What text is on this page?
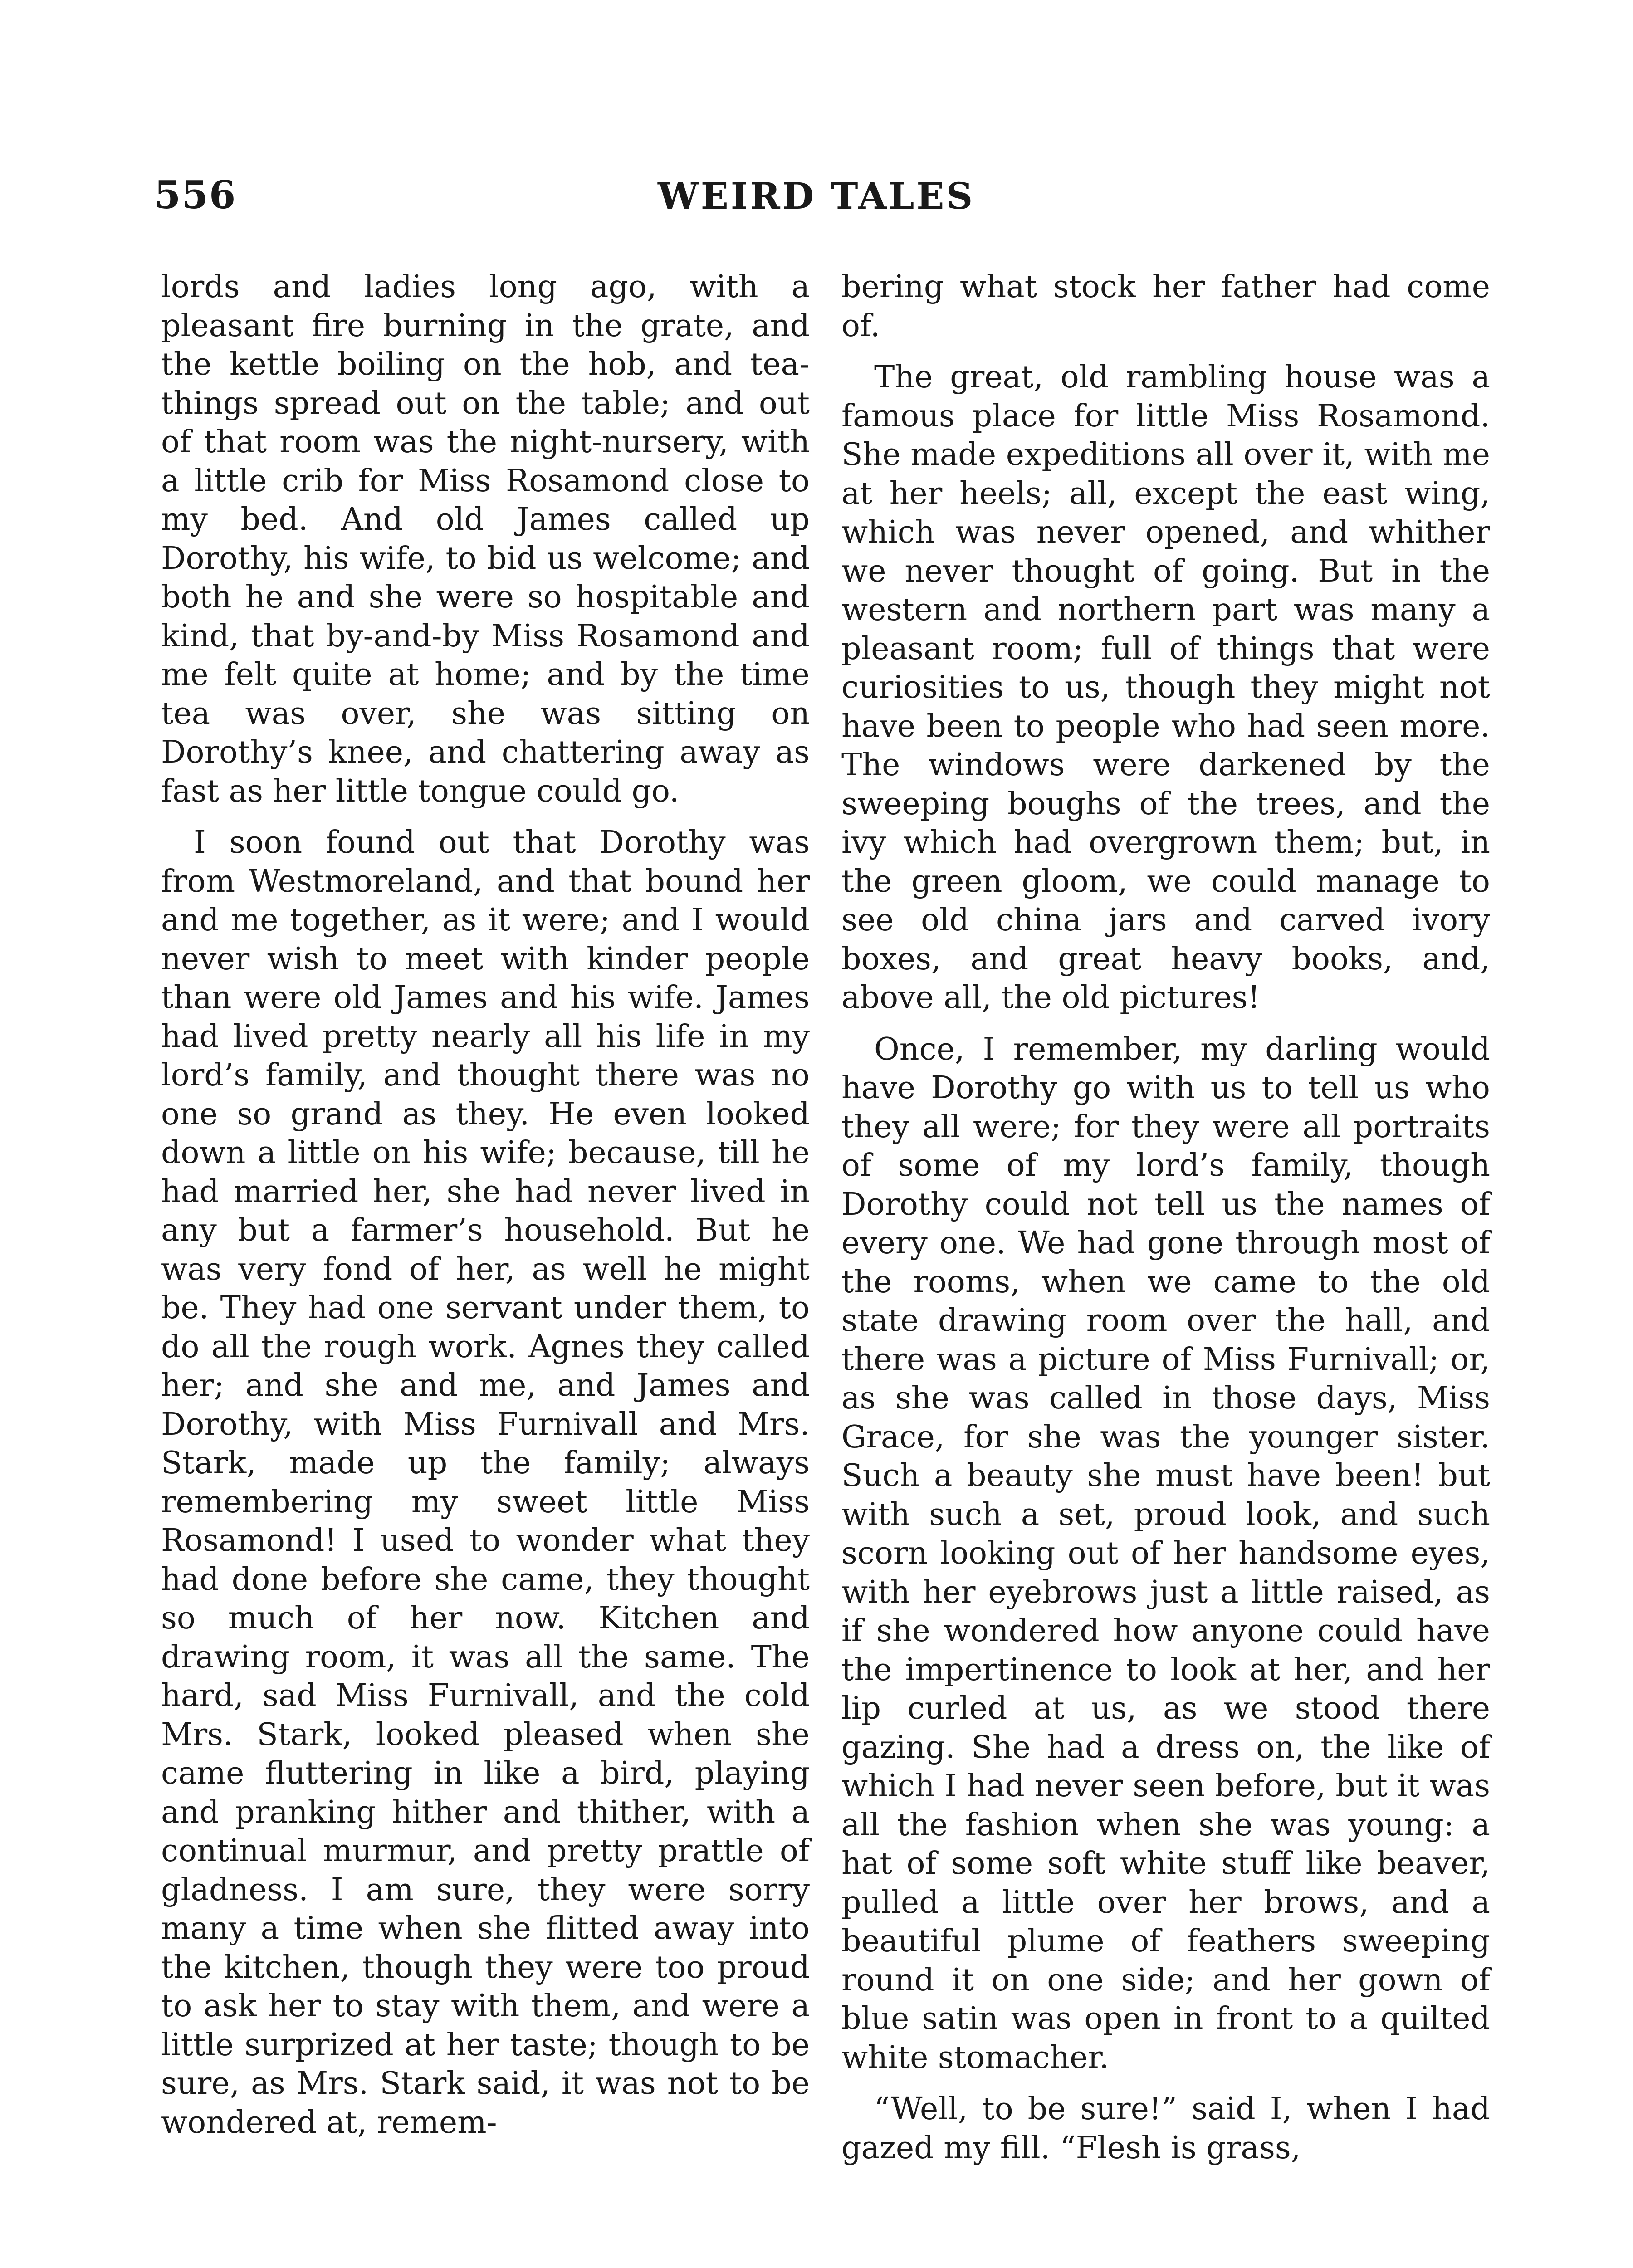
556	WEIRD TALES

lords and ladies long ago, with a pleasant fire burning in the grate, and the kettle boiling on the hob, and tea-things spread out on the table; and out of that room was the night-nursery, with a little crib for Miss Rosamond close to my bed. And old James called up Dorothy, his wife, to bid us welcome; and both he and she were so hospitable and kind, that by-and-by Miss Rosamond and me felt quite at home; and by the time tea was over, she was sitting on Dorothy’s knee, and chattering away as fast as her little tongue could go.

I soon found out that Dorothy was from Westmoreland, and that bound her and me together, as it were; and I would never wish to meet with kinder people than were old James and his wife. James had lived pretty nearly all his life in my lord’s family, and thought there was no one so grand as they. He even looked down a little on his wife; because, till he had married her, she had never lived in any but a farmer’s household. But he was very fond of her, as well he might be. They had one servant under them, to do all the rough work. Agnes they called her; and she and me, and James and Dorothy, with Miss Furnivall and Mrs. Stark, made up the family; always remembering my sweet little Miss Rosamond! I used to wonder what they had done before she came, they thought so much of her now. Kitchen and drawing room, it was all the same. The hard, sad Miss Furnivall, and the cold Mrs. Stark, looked pleased when she came fluttering in like a bird, playing and pranking hither and thither, with a continual murmur, and pretty prattle of gladness. I am sure, they were sorry many a time when she flitted away into the kitchen, though they were too proud to ask her to stay with them, and were a little surprized at her taste; though to be sure, as Mrs. Stark said, it was not to be wondered at, remem-

bering what stock her father had come of.

The great, old rambling house was a famous place for little Miss Rosamond. She made expeditions all over it, with me at her heels; all, except the east wing, which was never opened, and whither we never thought of going. But in the western and northern part was many a pleasant room; full of things that were curiosities to us, though they might not have been to people who had seen more. The windows were darkened by the sweeping boughs of the trees, and the ivy which had overgrown them; but, in the green gloom, we could manage to see old china jars and carved ivory boxes, and great heavy books, and, above all, the old pictures!

Once, I remember, my darling would have Dorothy go with us to tell us who they all were; for they were all portraits of some of my lord’s family, though Dorothy could not tell us the names of every one. We had gone through most of the rooms, when we came to the old state drawing room over the hall, and there was a picture of Miss Furnivall; or, as she was called in those days, Miss Grace, for she was the younger sister. Such a beauty she must have been! but with such a set, proud look, and such scorn looking out of her handsome eyes, with her eyebrows just a little raised, as if she wondered how anyone could have the impertinence to look at her, and her lip curled at us, as we stood there gazing. She had a dress on, the like of which I had never seen before, but it was all the fashion when she was young: a hat of some soft white stuff like beaver, pulled a little over her brows, and a beautiful plume of feathers sweeping round it on one side; and her gown of blue satin was open in front to a quilted white stomacher.

“Well, to be sure!” said I, when I had gazed my fill. “Flesh is grass,
